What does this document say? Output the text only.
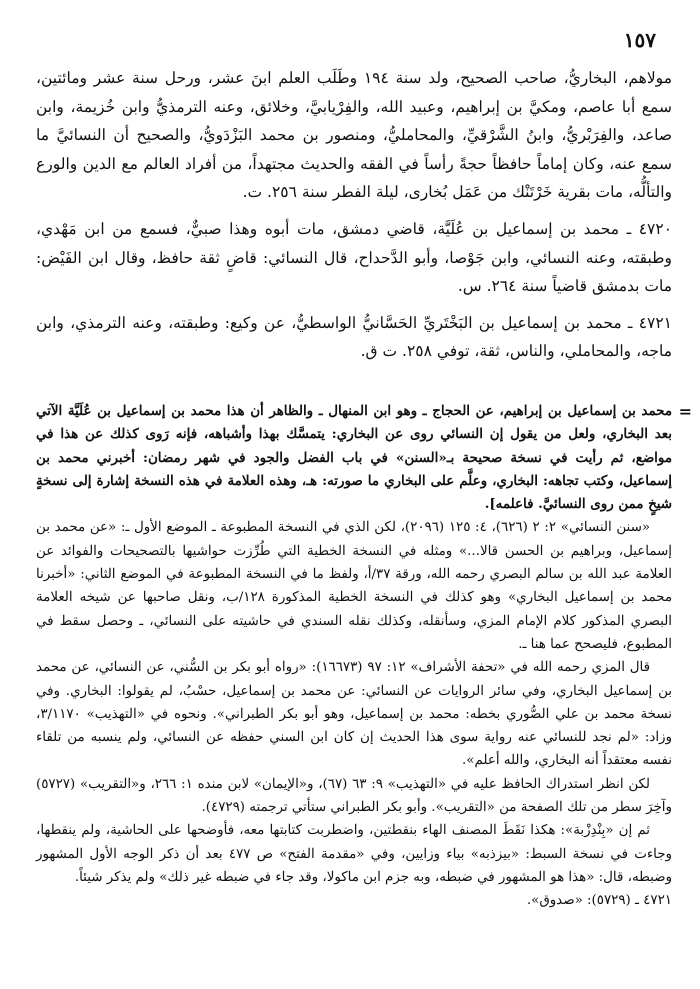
١٥٧

مولاهم، البخاريُّ، صاحب الصحيح، ولد سنة ١٩٤ وطَلَب العلم ابنَ عشر، ورحل سنة عشر ومائتين، سمع أبا عاصم، ومكيَّ بن إبراهيم، وعبيد الله، والفِرْيابيَّ، وخلائق، وعنه الترمذيُّ وابن خُزيمة، وابن صاعد، والفِرَبْريُّ، وابنُ الشَّرْقيِّ، والمحامليُّ، ومنصور بن محمد البَزْدَويُّ، والصحيح أن النسائيَّ ما سمع عنه، وكان إماماً حافظاً حجةً رأساً في الفقه والحديث مجتهداً، من أفراد العالم مع الدين والورع والتألُّه، مات بقرية خَرْتَنْك من عَمَل بُخارى، ليلة الفطر سنة ٢٥٦. ت.

٤٧٢٠ ـ محمد بن إسماعيل بن عُلَيَّة، قاضي دمشق، مات أبوه وهذا صبيٌّ، فسمع من ابن مَهْدي، وطبقته، وعنه النسائي، وابن جَوْصا، وأبو الدَّحداح، قال النسائي: قاضٍ ثقة حافظ، وقال ابن الفَيْض: مات بدمشق قاضياً سنة ٢٦٤. س.

٤٧٢١ ـ محمد بن إسماعيل بن البَخْتَريِّ الحَسَّانيُّ الواسطيُّ، عن وكيع: وطبقته، وعنه الترمذي، وابن ماجه، والمحاملي، والناس، ثقة، توفي ٢٥٨. ت ق.

=

محمد بن إسماعيل بن إبراهيم، عن الحجاج ـ وهو ابن المنهال ـ والظاهر أن هذا محمد بن إسماعيل بن عُلَيَّة الآتي بعد البخاري، ولعل من يقول إن النسائي روى عن البخاري: يتمسَّك بهذا وأشباهه، فإنه رَوى كذلك عن هذا في مواضع، ثم رأيت في نسخة صحيحة بـ«السنن» في باب الفضل والجود في شهر رمضان: أخبرني محمد بن إسماعيل، وكتب تجاهه: البخاري، وعلَّم على البخاري ما صورته: هـ، وهذه العلامة في هذه النسخة إشارة إلى نسخةٍ شيخٍ ممن روى النسائيَّ. فاعلمه].

«سنن النسائي» ٢: ٢ (٦٢٦)، ٤: ١٢٥ (٢٠٩٦)، لكن الذي في النسخة المطبوعة ـ الموضع الأول ـ: «عن محمد بن إسماعيل، وبراهيم بن الحسن قالا...» ومثله في النسخة الخطية التي طُرِّزت حواشيها بالتصحيحات والفوائد عن العلامة عبد الله بن سالم البصري رحمه الله، ورقة ٣٧/أ، ولفظ ما في النسخة المطبوعة في الموضع الثاني: «أخبرنا محمد بن إسماعيل البخاري» وهو كذلك في النسخة الخطية المذكورة ١٢٨/ب، ونقل صاحبها عن شيخه العلامة البصري المذكور كلام الإمام المزي، وسأنقله، وكذلك نقله السندي في حاشيته على النسائي، ـ وحصل سقط في المطبوع، فليصحح عما هنا ـ.

قال المزي رحمه الله في «تحفة الأشراف» ١٢: ٩٧ (١٦٦٧٣): «رواه أبو بكر بن السُّني، عن النسائي، عن محمد بن إسماعيل البخاري، وفي سائر الروايات عن النسائي: عن محمد بن إسماعيل، حسْبُ، لم يقولوا: البخاري. وفي نسخة محمد بن علي الصُّوري بخطه: محمد بن إسماعيل، وهو أبو بكر الطبراني». ونحوه في «التهذيب» ٣/١١٧٠، وزاد: «لم نجد للنسائي عنه رواية سوى هذا الحديث إن كان ابن السني حفظه عن النسائي، ولم ينسبه من تلقاء نفسه معتقداً أنه البخاري، والله أعلم».

لكن انظر استدراك الحافظ عليه في «التهذيب» ٩: ٦٣ (٦٧)، و«الإيمان» لابن منده ١: ٢٦٦، و«التقريب» (٥٧٢٧) وآخِرَ سطر من تلك الصفحة من «التقريب». وأبو بكر الطبراني ستأتي ترجمته (٤٧٢٩).

ثم إن «بِنْدِزْبة»: هكذا نَقَطَ المصنف الهاء بنقطتين، واضطربت كتابتها معه، فأوضحها على الحاشية، ولم ينقطها، وجاءت في نسخة السبط: «بيزذبه» بياء وزايين، وفي «مقدمة الفتح» ص ٤٧٧ بعد أن ذكر الوجه الأول المشهور وضبطه، قال: «هذا هو المشهور في ضبطه، وبه جزم ابن ماكولا، وقد جاء في ضبطه غير ذلك» ولم يذكر شيئاً.

٤٧٢١ ـ (٥٧٢٩): «صدوق».
